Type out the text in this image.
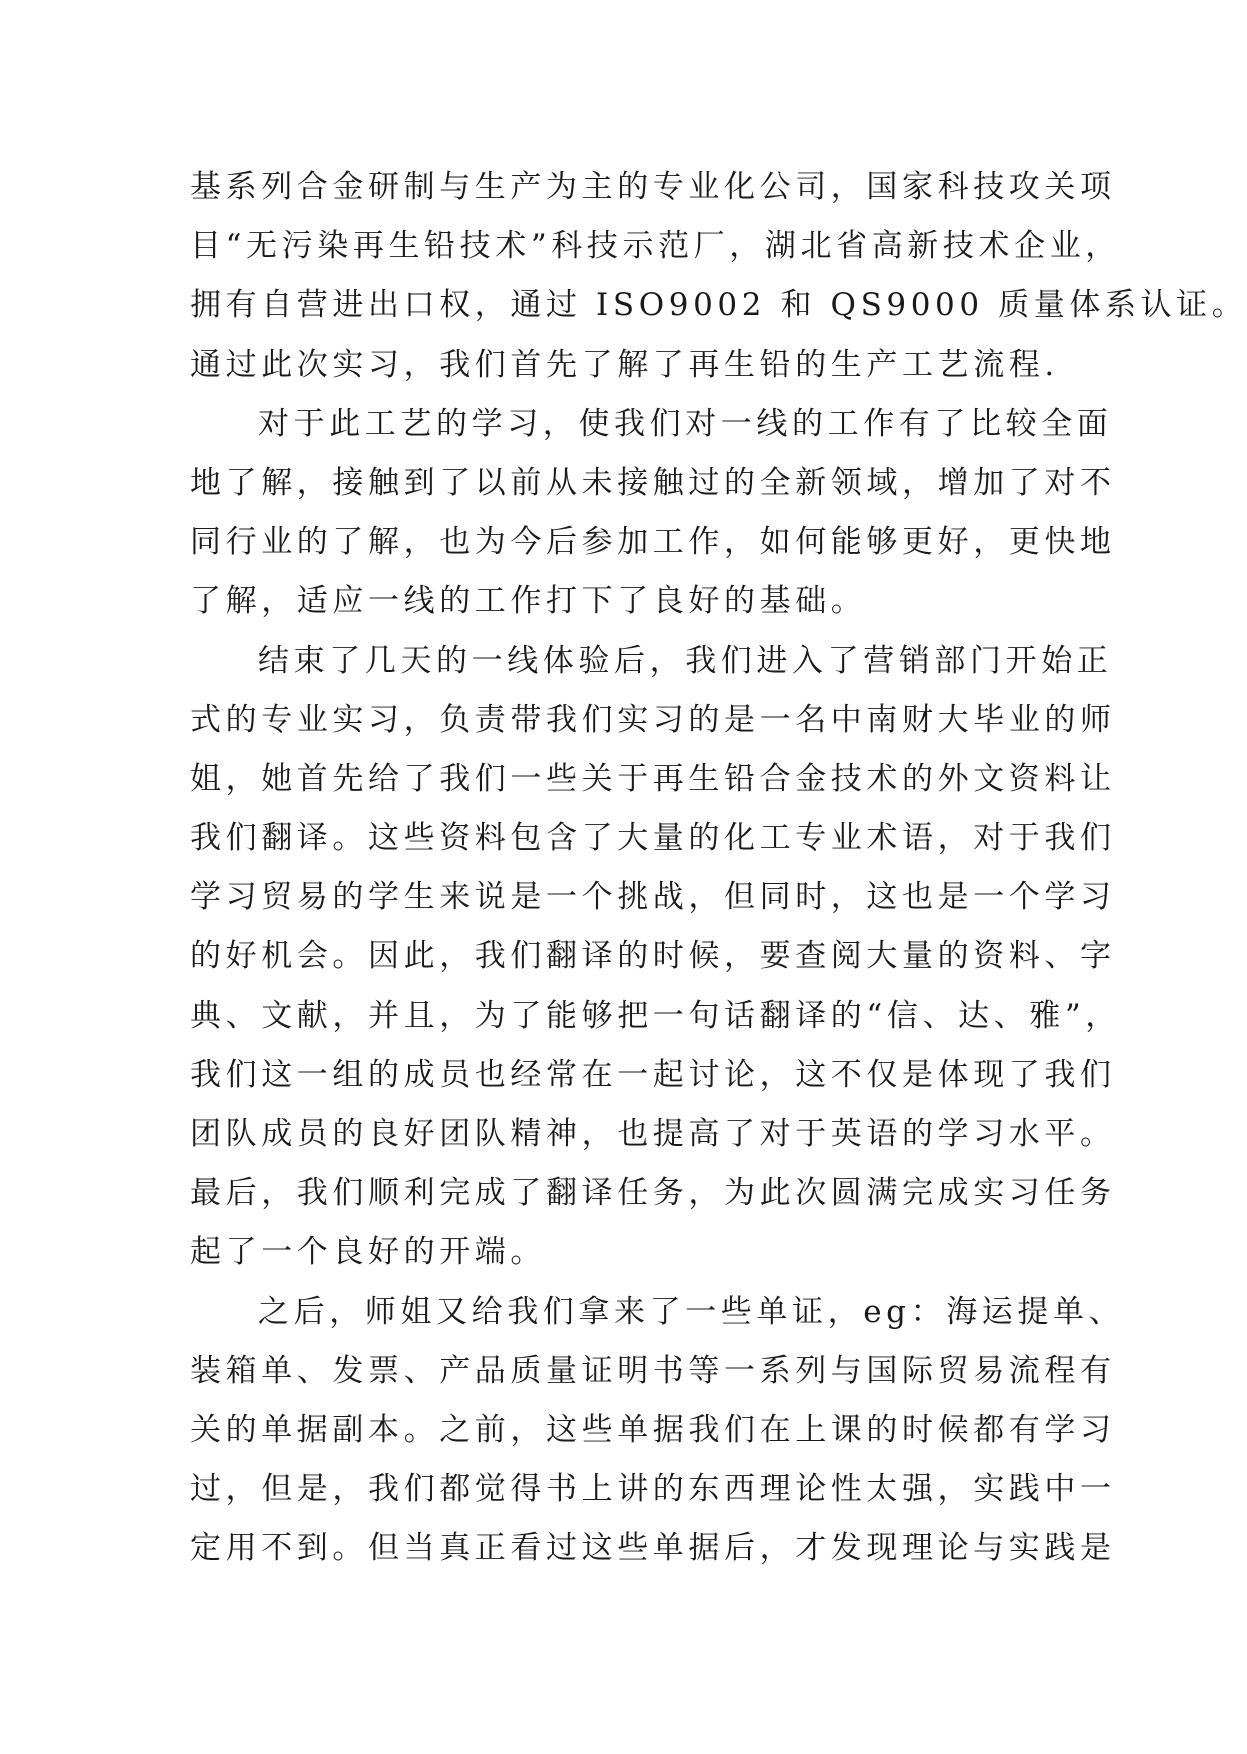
基系列合金研制与生产为主的专业化公司，国家科技攻关项
目“无污染再生铅技术”科技示范厂，湖北省高新技术企业，
拥有自营进出口权，通过 ISO9002 和 QS9000 质量体系认证。
通过此次实习，我们首先了解了再生铅的生产工艺流程.
对于此工艺的学习，使我们对一线的工作有了比较全面
地了解，接触到了以前从未接触过的全新领域，增加了对不
同行业的了解，也为今后参加工作，如何能够更好，更快地
了解，适应一线的工作打下了良好的基础。
结束了几天的一线体验后，我们进入了营销部门开始正
式的专业实习，负责带我们实习的是一名中南财大毕业的师
姐，她首先给了我们一些关于再生铅合金技术的外文资料让
我们翻译。这些资料包含了大量的化工专业术语，对于我们
学习贸易的学生来说是一个挑战，但同时，这也是一个学习
的好机会。因此，我们翻译的时候，要查阅大量的资料、字
典、文献，并且，为了能够把一句话翻译的“信、达、雅”，
我们这一组的成员也经常在一起讨论，这不仅是体现了我们
团队成员的良好团队精神，也提高了对于英语的学习水平。
最后，我们顺利完成了翻译任务，为此次圆满完成实习任务
起了一个良好的开端。
之后，师姐又给我们拿来了一些单证，eg：海运提单、
装箱单、发票、产品质量证明书等一系列与国际贸易流程有
关的单据副本。之前，这些单据我们在上课的时候都有学习
过，但是，我们都觉得书上讲的东西理论性太强，实践中一
定用不到。但当真正看过这些单据后，才发现理论与实践是
